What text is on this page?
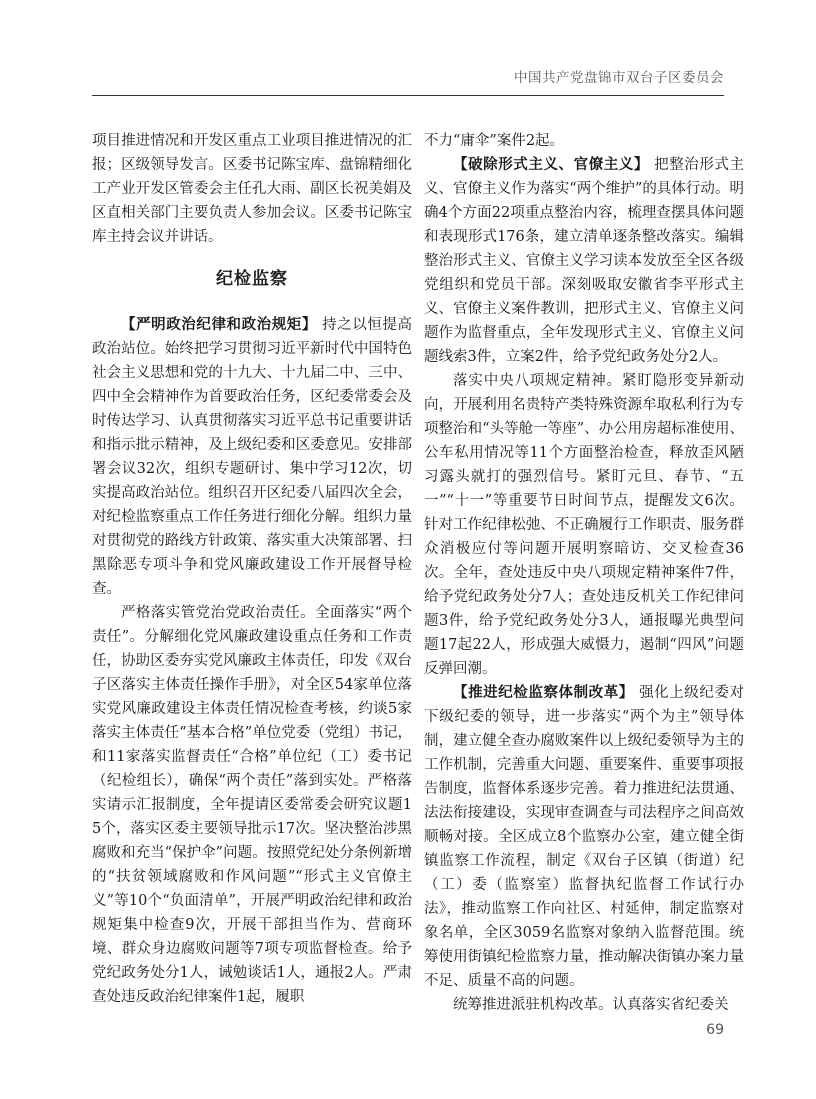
中国共产党盘锦市双台子区委员会

项目推进情况和开发区重点工业项目推进情况的汇报；区级领导发言。区委书记陈宝库、盘锦精细化工产业开发区管委会主任孔大雨、副区长祝美娟及区直相关部门主要负责人参加会议。区委书记陈宝库主持会议并讲话。

纪检监察

【严明政治纪律和政治规矩】 持之以恒提高政治站位。始终把学习贯彻习近平新时代中国特色社会主义思想和党的十九大、十九届二中、三中、四中全会精神作为首要政治任务，区纪委常委会及时传达学习、认真贯彻落实习近平总书记重要讲话和指示批示精神，及上级纪委和区委意见。安排部署会议32次，组织专题研讨、集中学习12次，切实提高政治站位。组织召开区纪委八届四次全会，对纪检监察重点工作任务进行细化分解。组织力量对贯彻党的路线方针政策、落实重大决策部署、扫黑除恶专项斗争和党风廉政建设工作开展督导检查。

严格落实管党治党政治责任。全面落实“两个责任”。分解细化党风廉政建设重点任务和工作责任，协助区委夯实党风廉政主体责任，印发《双台子区落实主体责任操作手册》，对全区54家单位落实党风廉政建设主体责任情况检查考核，约谈5家落实主体责任“基本合格”单位党委（党组）书记，和11家落实监督责任“合格”单位纪（工）委书记（纪检组长），确保“两个责任”落到实处。严格落实请示汇报制度，全年提请区委常委会研究议题15个，落实区委主要领导批示17次。坚决整治涉黑腐败和充当“保护伞”问题。按照党纪处分条例新增的“扶贫领域腐败和作风问题”“形式主义官僚主义”等10个“负面清单”，开展严明政治纪律和政治规矩集中检查9次，开展干部担当作为、营商环境、群众身边腐败问题等7项专项监督检查。给予党纪政务处分1人，诫勉谈话1人，通报2人。严肃查处违反政治纪律案件1起，履职

不力“庸伞”案件2起。

【破除形式主义、官僚主义】 把整治形式主义、官僚主义作为落实“两个维护”的具体行动。明确4个方面22项重点整治内容，梳理查摆具体问题和表现形式176条，建立清单逐条整改落实。编辑整治形式主义、官僚主义学习读本发放至全区各级党组织和党员干部。深刻吸取安徽省李平形式主义、官僚主义案件教训，把形式主义、官僚主义问题作为监督重点，全年发现形式主义、官僚主义问题线索3件，立案2件，给予党纪政务处分2人。

落实中央八项规定精神。紧盯隐形变异新动向，开展利用名贵特产类特殊资源牟取私利行为专项整治和“头等舱一等座”、办公用房超标准使用、公车私用情况等11个方面整治检查，释放歪风陋习露头就打的强烈信号。紧盯元旦、春节、“五一”“十一”等重要节日时间节点，提醒发文6次。针对工作纪律松弛、不正确履行工作职责、服务群众消极应付等问题开展明察暗访、交叉检查36次。全年，查处违反中央八项规定精神案件7件，给予党纪政务处分7人；查处违反机关工作纪律问题3件，给予党纪政务处分3人，通报曝光典型问题17起22人，形成强大威慑力，遏制“四风”问题反弹回潮。

【推进纪检监察体制改革】 强化上级纪委对下级纪委的领导，进一步落实“两个为主”领导体制，建立健全查办腐败案件以上级纪委领导为主的工作机制，完善重大问题、重要案件、重要事项报告制度，监督体系逐步完善。着力推进纪法贯通、法法衔接建设，实现审查调查与司法程序之间高效顺畅对接。全区成立8个监察办公室，建立健全街镇监察工作流程，制定《双台子区镇（街道）纪（工）委（监察室）监督执纪监督工作试行办法》，推动监察工作向社区、村延伸，制定监察对象名单，全区3059名监察对象纳入监督范围。统筹使用街镇纪检监察力量，推动解决街镇办案力量不足、质量不高的问题。

统筹推进派驻机构改革。认真落实省纪委关

69
